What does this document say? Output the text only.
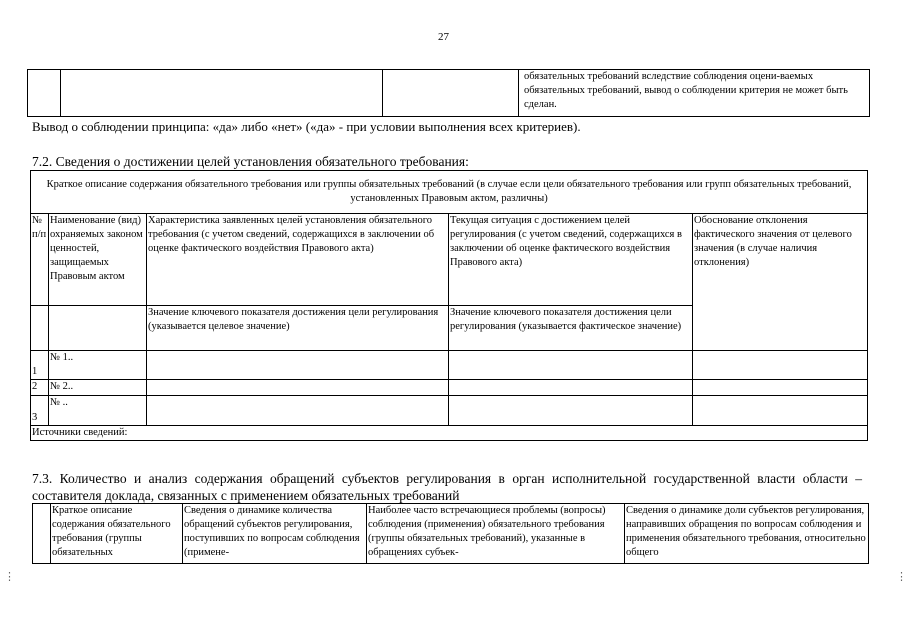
27
			обязательных требований вследствие соблюдения оцени-ваемых обязательных требований, вывод о соблюдении критерия не может быть сделан.
Вывод о соблюдении принципа: «да» либо «нет» («да» - при условии выполнения всех критериев).
7.2. Сведения о достижении целей установления обязательного требования:
Краткое описание содержания обязательного требования или группы обязательных требований (в случае если цели обязательного требования или групп обязательных требований, установленных Правовым актом, различны)				
№ п/п	Наименование (вид) охраняемых законом ценностей, защищаемых Правовым актом	Характеристика заявленных целей установления обязательного требования (с учетом сведений, содержащихся в заключении об оценке фактического воздействия Правового акта)	Текущая ситуация с достижением целей регулирования (с учетом сведений, содержащихся в заключении об оценке фактического воздействия Правового акта)	Обоснование отклонения фактического значения от целевого значения (в случае наличия отклонения)
		Значение ключевого показателя достижения цели регулирования (указывается целевое значение)	Значение ключевого показателя достижения цели регулирования (указывается фактическое значение)	
1	№ 1..			
2	№ 2..			
3	№ ..			
Источники сведений:				
7.3. Количество и анализ содержания обращений субъектов регулирования в орган исполнительной государственной власти области – составителя доклада, связанных с применением обязательных требований
	Краткое описание содержания обязательного требования (группы обязательных	Сведения о динамике количества обращений субъектов регулирования, поступивших по вопросам соблюдения (примене-	Наиболее часто встречающиеся проблемы (вопросы) соблюдения (применения) обязательного требования (группы обязательных требований), указанные в обращениях субъек-	Сведения о динамике доли субъектов регулирования, направивших обращения по вопросам соблюдения и применения обязательного требования, относительно общего
⋮	⋮
